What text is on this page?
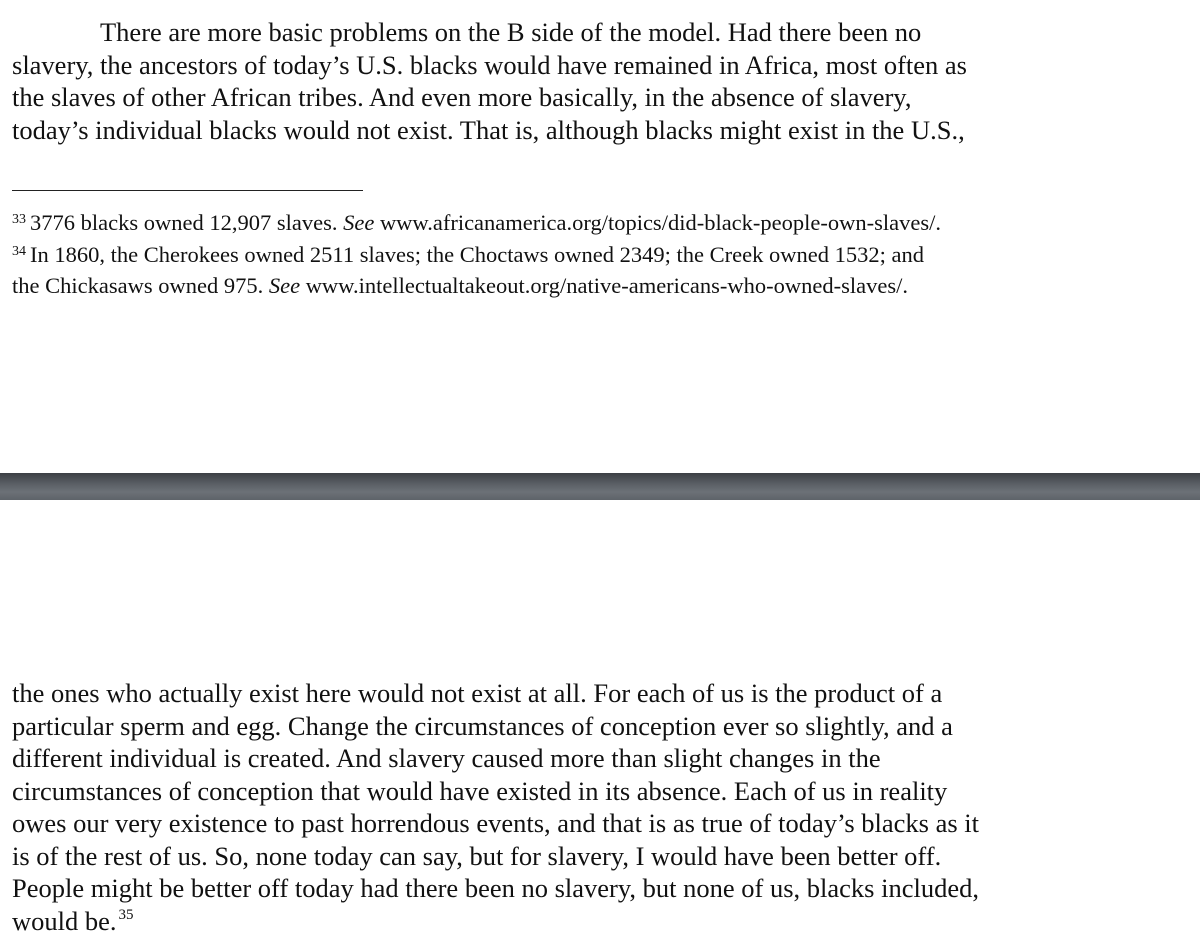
There are more basic problems on the B side of the model. Had there been no
slavery, the ancestors of today’s U.S. blacks would have remained in Africa, most often as
the slaves of other African tribes. And even more basically, in the absence of slavery,
today’s individual blacks would not exist. That is, although blacks might exist in the U.S.,

$^{33}$ 3776 blacks owned 12,907 slaves. See www.africanamerica.org/topics/did-black-people-own-slaves/.
$^{34}$ In 1860, the Cherokees owned 2511 slaves; the Choctaws owned 2349; the Creek owned 1532; and
the Chickasaws owned 975. See www.intellectualtakeout.org/native-americans-who-owned-slaves/.

the ones who actually exist here would not exist at all. For each of us is the product of a
particular sperm and egg. Change the circumstances of conception ever so slightly, and a
different individual is created. And slavery caused more than slight changes in the
circumstances of conception that would have existed in its absence. Each of us in reality
owes our very existence to past horrendous events, and that is as true of today’s blacks as it
is of the rest of us. So, none today can say, but for slavery, I would have been better off.
People might be better off today had there been no slavery, but none of us, blacks included,
would be. $^{35}$
